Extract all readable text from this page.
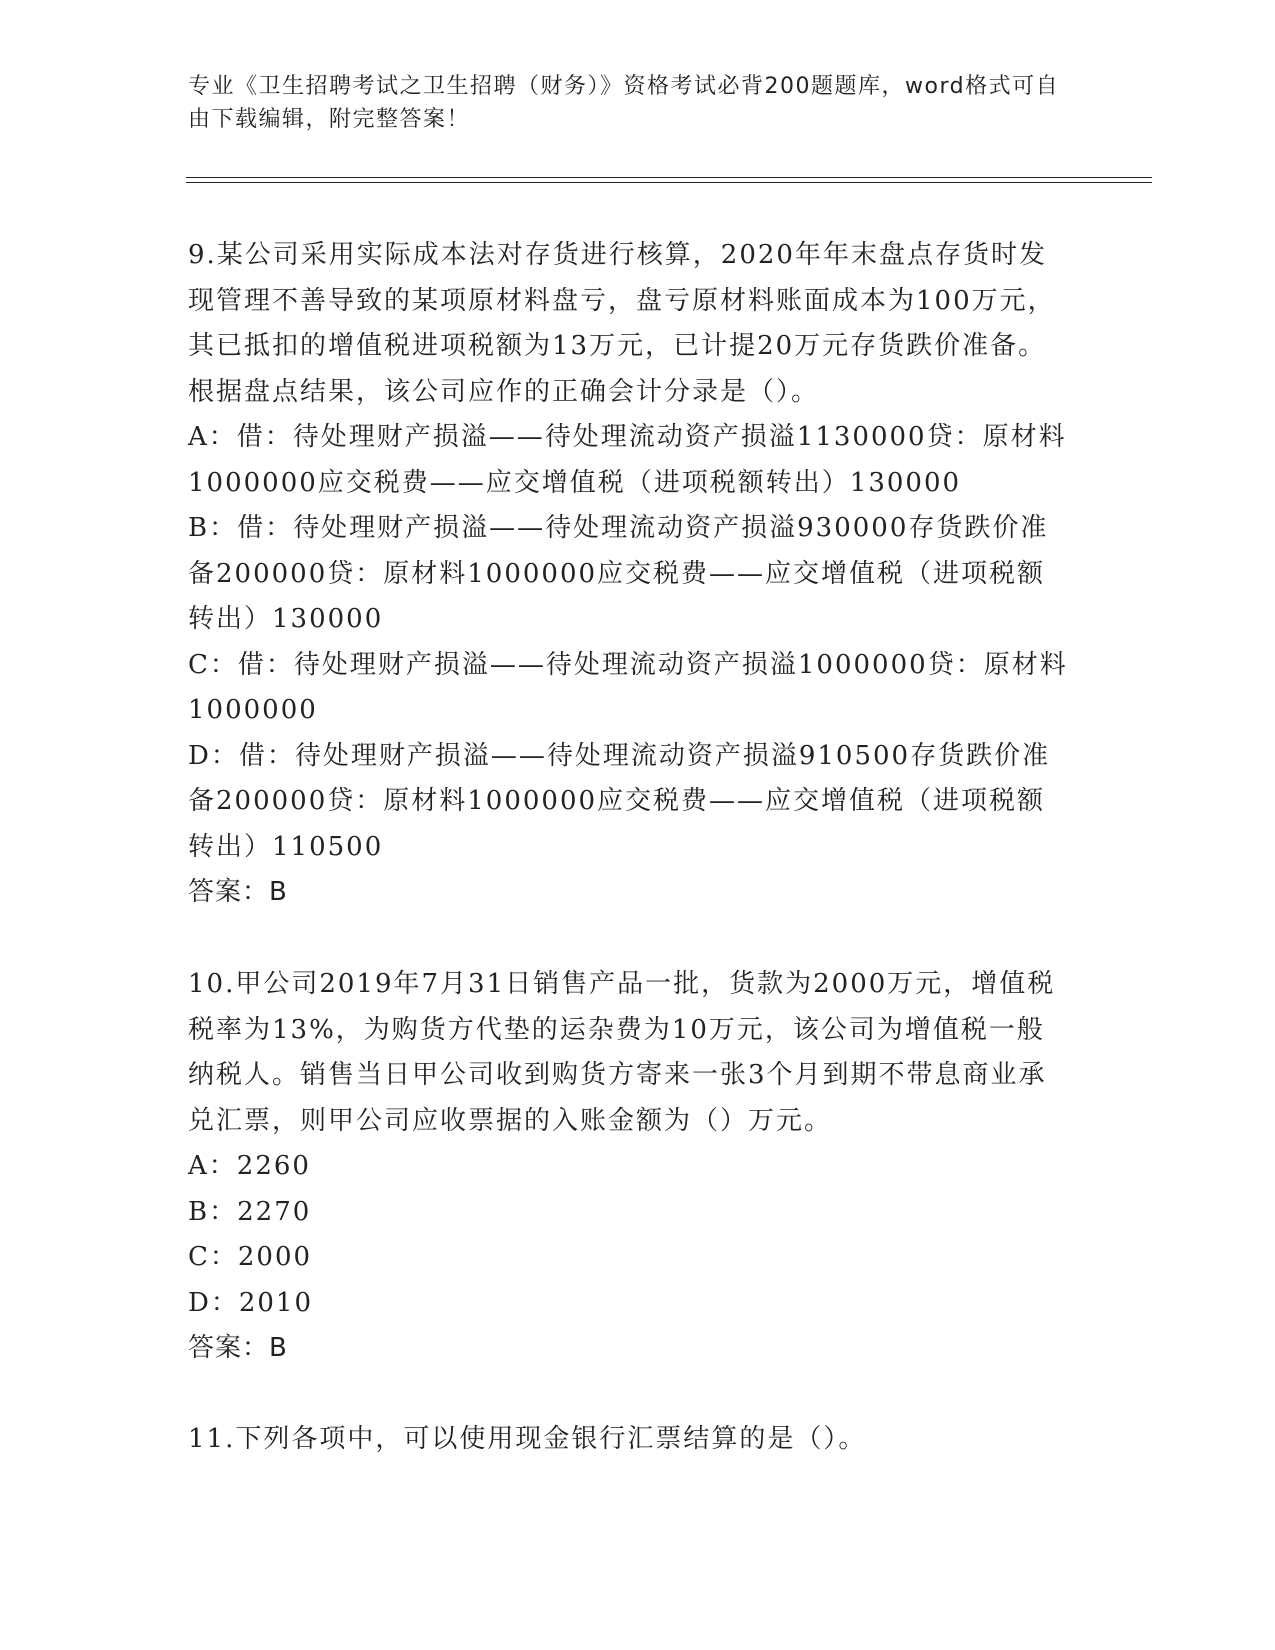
专业《卫生招聘考试之卫生招聘（财务）》资格考试必背200题题库，word格式可自由下载编辑，附完整答案！

9.某公司采用实际成本法对存货进行核算，2020年年末盘点存货时发现管理不善导致的某项原材料盘亏，盘亏原材料账面成本为100万元，其已抵扣的增值税进项税额为13万元，已计提20万元存货跌价准备。根据盘点结果，该公司应作的正确会计分录是（）。

A：借：待处理财产损溢——待处理流动资产损溢1130000贷：原材料1000000应交税费——应交增值税（进项税额转出）130000

B：借：待处理财产损溢——待处理流动资产损溢930000存货跌价准备200000贷：原材料1000000应交税费——应交增值税（进项税额转出）130000

C：借：待处理财产损溢——待处理流动资产损溢1000000贷：原材料1000000

D：借：待处理财产损溢——待处理流动资产损溢910500存货跌价准备200000贷：原材料1000000应交税费——应交增值税（进项税额转出）110500

答案：B

10.甲公司2019年7月31日销售产品一批，货款为2000万元，增值税税率为13%，为购货方代垫的运杂费为10万元，该公司为增值税一般纳税人。销售当日甲公司收到购货方寄来一张3个月到期不带息商业承兑汇票，则甲公司应收票据的入账金额为（）万元。

A：2260

B：2270

C：2000

D：2010

答案：B

11.下列各项中，可以使用现金银行汇票结算的是（）。
